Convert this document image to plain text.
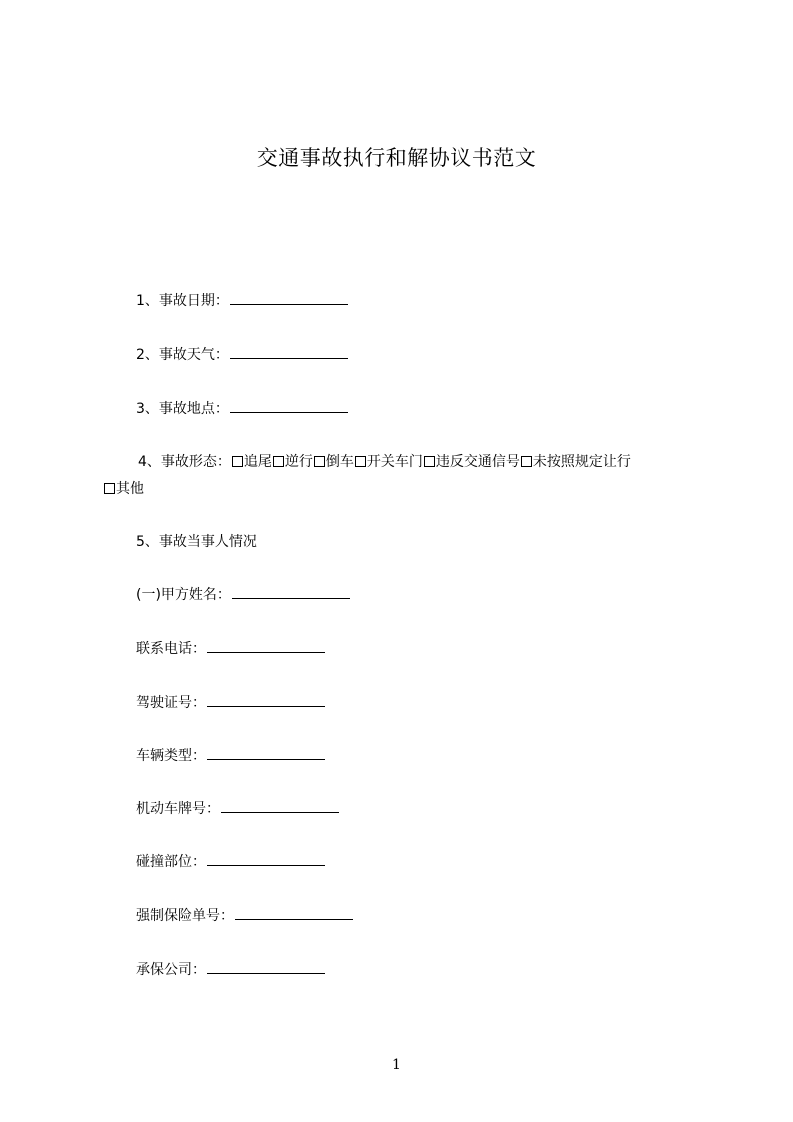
交通事故执行和解协议书范文
1、事故日期：
2、事故天气：
3、事故地点：
4、事故形态： 追尾 逆行 倒车 开关车门 违反交通信号 未按照规定让行
其他
5、事故当事人情况
(一)甲方姓名：
联系电话：
驾驶证号：
车辆类型：
机动车牌号：
碰撞部位：
强制保险单号：
承保公司：
1
